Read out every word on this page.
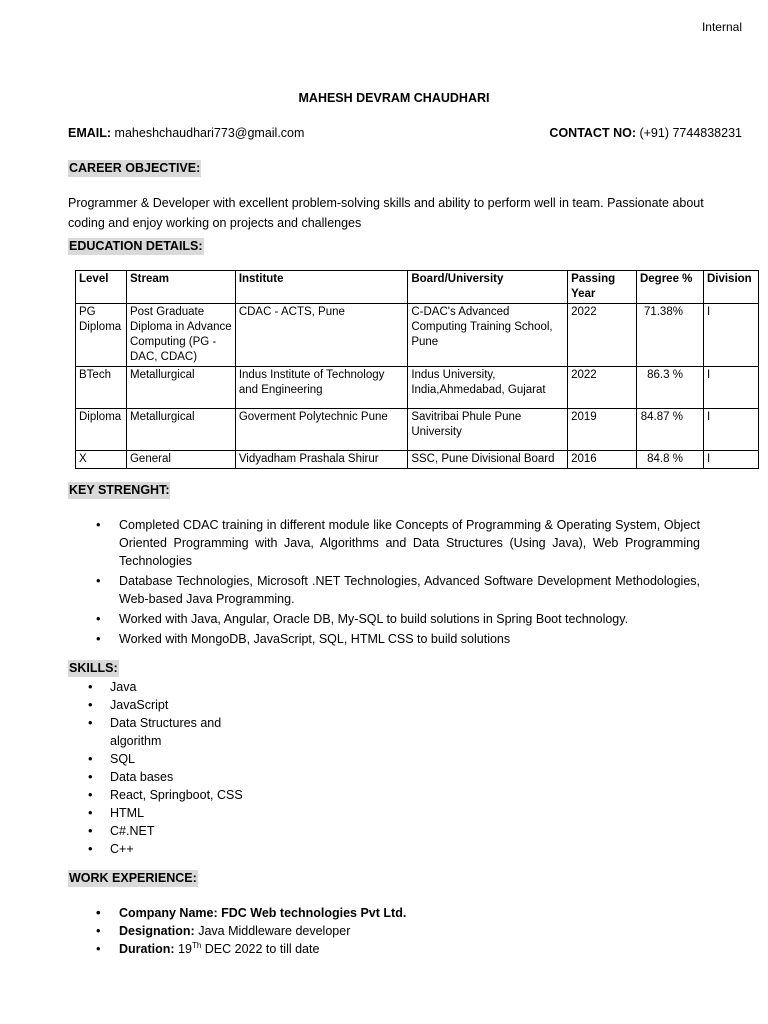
Internal
MAHESH DEVRAM CHAUDHARI
EMAIL: maheshchaudhari773@gmail.com	CONTACT NO: (+91) 7744838231
CAREER OBJECTIVE:
Programmer & Developer with excellent problem-solving skills and ability to perform well in team. Passionate about coding and enjoy working on projects and challenges
EDUCATION DETAILS:
Level	Stream	Institute	Board/University	Passing Year	Degree %	Division
PG Diploma	Post Graduate Diploma in Advance Computing (PG - DAC, CDAC)	CDAC - ACTS, Pune	C-DAC's Advanced Computing Training School, Pune	2022	71.38%	I
BTech	Metallurgical	Indus Institute of Technology and Engineering	Indus University, India,Ahmedabad, Gujarat	2022	86.3 %	I
Diploma	Metallurgical	Goverment Polytechnic Pune	Savitribai Phule Pune University	2019	84.87 %	I
X	General	Vidyadham Prashala Shirur	SSC, Pune Divisional Board	2016	84.8 %	I
KEY STRENGHT:
• Completed CDAC training in different module like Concepts of Programming & Operating System, Object Oriented Programming with Java, Algorithms and Data Structures (Using Java), Web Programming Technologies
• Database Technologies, Microsoft .NET Technologies, Advanced Software Development Methodologies, Web-based Java Programming.
• Worked with Java, Angular, Oracle DB, My-SQL to build solutions in Spring Boot technology.
• Worked with MongoDB, JavaScript, SQL, HTML CSS to build solutions
SKILLS:
• Java
• JavaScript
• Data Structures and algorithm
• SQL
• Data bases
• React, Springboot, CSS
• HTML
• C#.NET
• C++
WORK EXPERIENCE:
• Company Name: FDC Web technologies Pvt Ltd.
• Designation: Java Middleware developer
• Duration: 19Th DEC 2022 to till date
